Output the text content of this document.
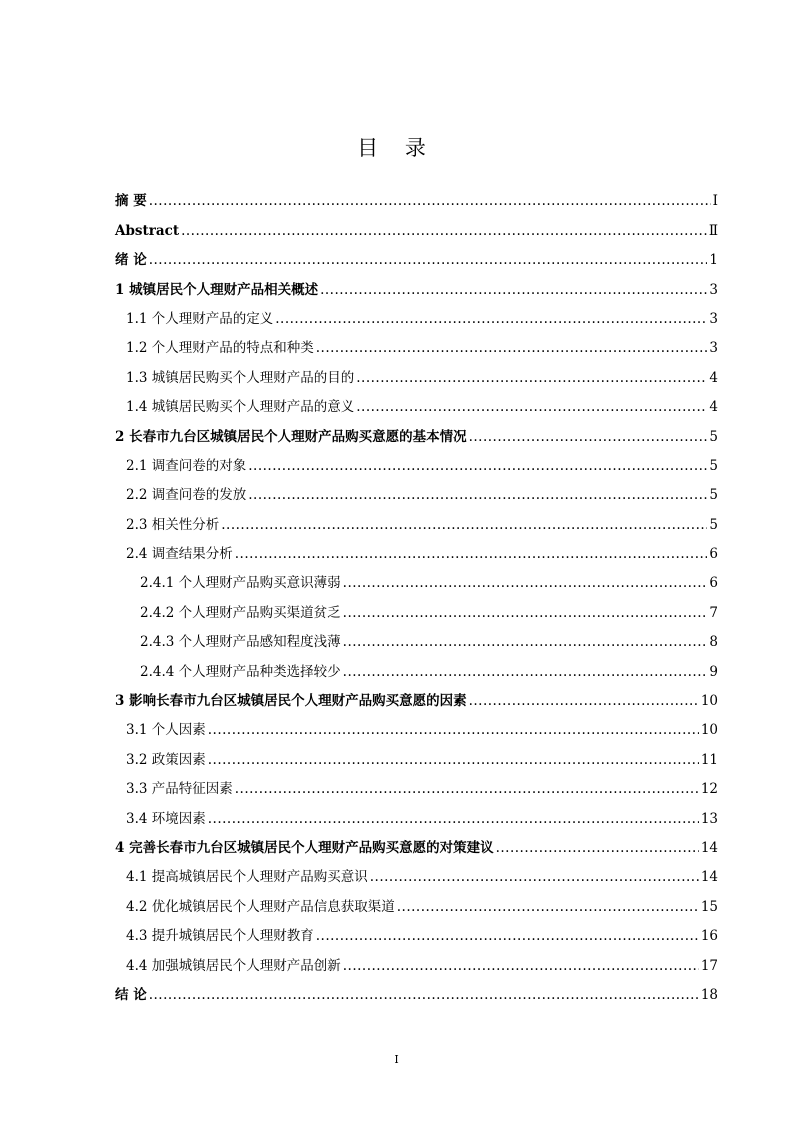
目 录
摘 要 .....	I
Abstract .....	Ⅱ
绪 论 .....	1
1 城镇居民个人理财产品相关概述 .....	3
1.1 个人理财产品的定义 .....	3
1.2 个人理财产品的特点和种类 .....	3
1.3 城镇居民购买个人理财产品的目的 .....	4
1.4 城镇居民购买个人理财产品的意义 .....	4
2 长春市九台区城镇居民个人理财产品购买意愿的基本情况 .....	5
2.1 调查问卷的对象 .....	5
2.2 调查问卷的发放 .....	5
2.3 相关性分析 .....	5
2.4 调查结果分析 .....	6
2.4.1 个人理财产品购买意识薄弱 .....	6
2.4.2 个人理财产品购买渠道贫乏 .....	7
2.4.3 个人理财产品感知程度浅薄 .....	8
2.4.4 个人理财产品种类选择较少 .....	9
3 影响长春市九台区城镇居民个人理财产品购买意愿的因素 .....	10
3.1 个人因素 .....	10
3.2 政策因素 .....	11
3.3 产品特征因素 .....	12
3.4 环境因素 .....	13
4 完善长春市九台区城镇居民个人理财产品购买意愿的对策建议 .....	14
4.1 提高城镇居民个人理财产品购买意识 .....	14
4.2 优化城镇居民个人理财产品信息获取渠道 .....	15
4.3 提升城镇居民个人理财教育 .....	16
4.4 加强城镇居民个人理财产品创新 .....	17
结 论 .....	18
I
